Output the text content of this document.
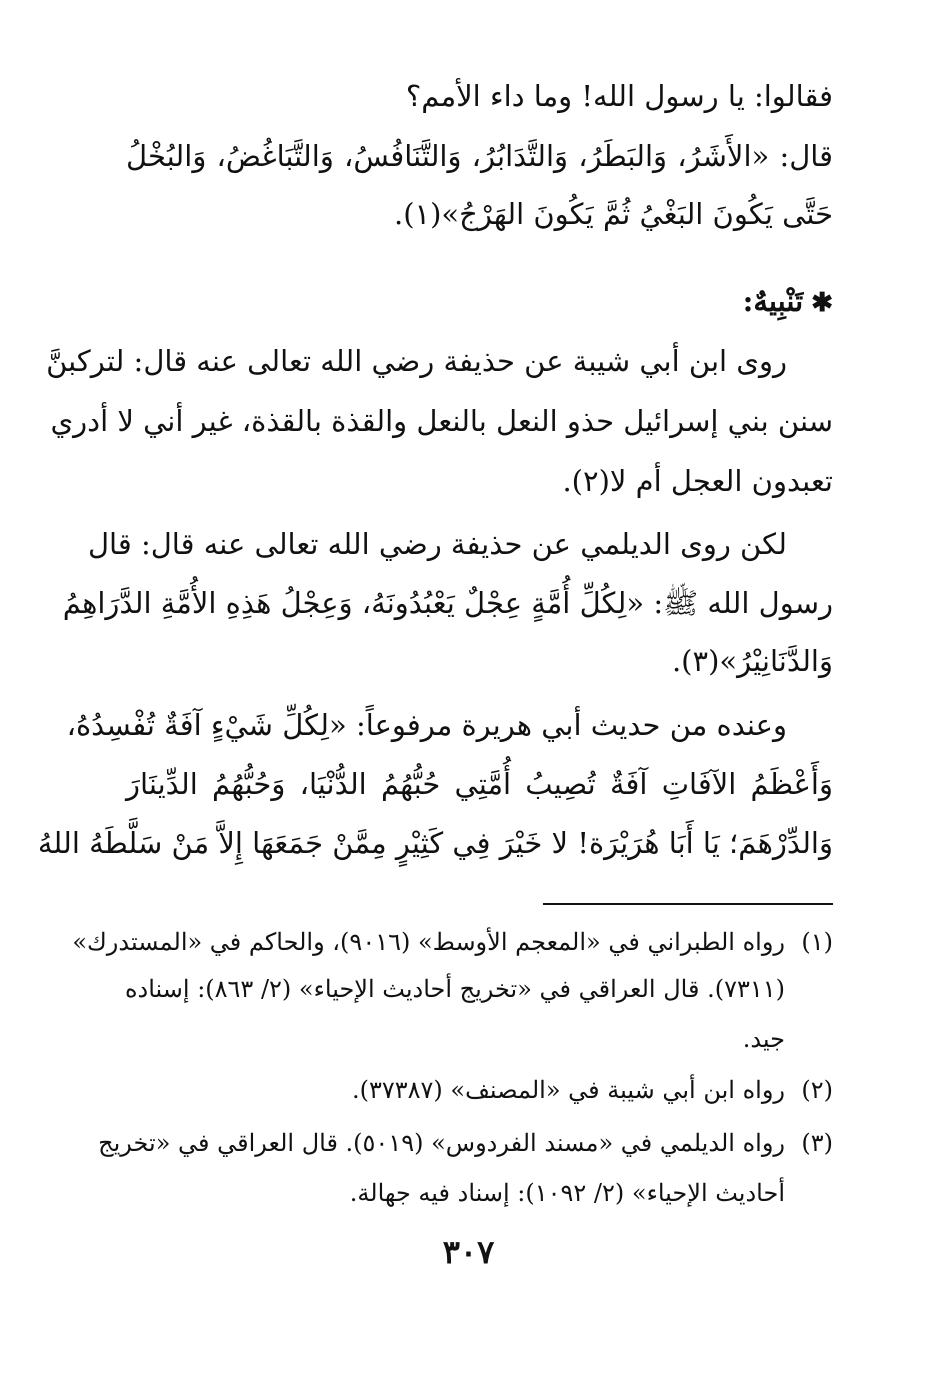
فقالوا: يا رسول الله! وما داء الأمم؟
قال: «الأَشَرُ، وَالبَطَرُ، وَالتَّدَابُرُ، وَالتَّنَافُسُ، وَالتَّبَاغُضُ، وَالبُخْلُ
حَتَّى يَكُونَ البَغْيُ ثُمَّ يَكُونَ الهَرْجُ»(١).
✱تَنْبِيهٌ:
روى ابن أبي شيبة عن حذيفة رضي الله تعالى عنه قال: لتركبنَّ
سنن بني إسرائيل حذو النعل بالنعل والقذة بالقذة، غير أني لا أدري
تعبدون العجل أم لا(٢).
لكن روى الديلمي عن حذيفة رضي الله تعالى عنه قال: قال
رسول الله ﷺ: «لِكُلِّ أُمَّةٍ عِجْلٌ يَعْبُدُونَهُ، وَعِجْلُ هَذِهِ الأُمَّةِ الدَّرَاهِمُ
وَالدَّنَانِيْرُ»(٣).
وعنده من حديث أبي هريرة مرفوعاً: «لِكُلِّ شَيْءٍ آفَةٌ تُفْسِدُهُ،
وَأَعْظَمُ الآفَاتِ آفَةٌ تُصِيبُ أُمَّتِي حُبُّهُمُ الدُّنْيَا، وَحُبُّهُمُ الدِّينَارَ
وَالدِّرْهَمَ؛ يَا أَبَا هُرَيْرَة! لا خَيْرَ فِي كَثِيْرٍ مِمَّنْ جَمَعَهَا إِلاَّ مَنْ سَلَّطَهُ اللهُ
(١)رواه الطبراني في «المعجم الأوسط» (٩٠١٦)، والحاكم في «المستدرك»
(٧٣١١). قال العراقي في «تخريج أحاديث الإحياء» (٢/ ٨٦٣): إسناده
جيد.
(٢)رواه ابن أبي شيبة في «المصنف» (٣٧٣٨٧).
(٣)رواه الديلمي في «مسند الفردوس» (٥٠١٩). قال العراقي في «تخريج
أحاديث الإحياء» (٢/ ١٠٩٢): إسناد فيه جهالة.
٣٠٧
